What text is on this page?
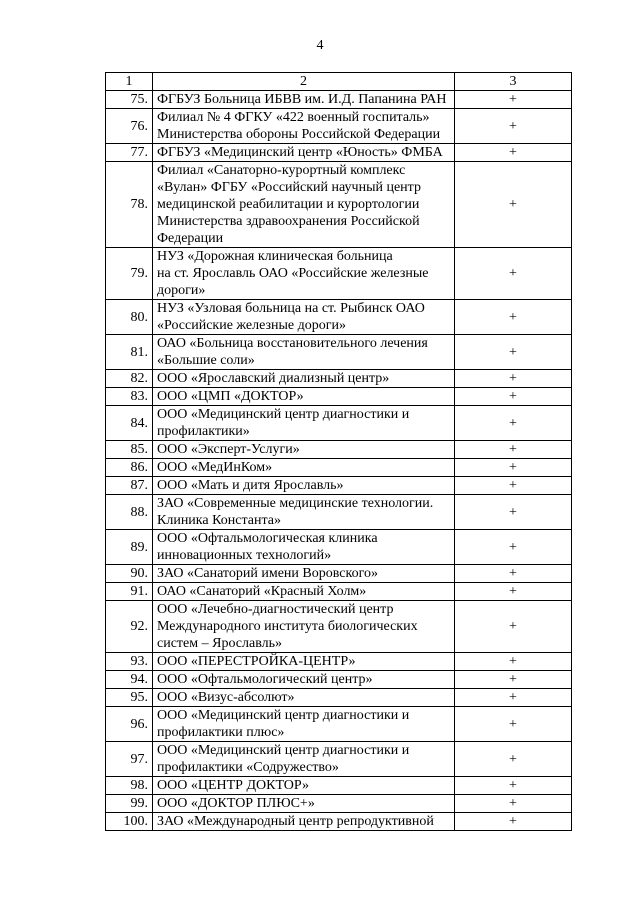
4
1	2	3
75.	ФГБУЗ Больница ИБВВ им. И.Д. Папанина РАН	+
76.	Филиал № 4 ФГКУ «422 военный госпиталь»
Министерства обороны Российской Федерации	+
77.	ФГБУЗ «Медицинский центр «Юность» ФМБА	+
78.	Филиал «Санаторно-курортный комплекс
«Вулан» ФГБУ «Российский научный центр
медицинской реабилитации и курортологии
Министерства здравоохранения Российской
Федерации	+
79.	НУЗ «Дорожная клиническая больница
на ст. Ярославль ОАО «Российские железные
дороги»	+
80.	НУЗ «Узловая больница на ст. Рыбинск ОАО
«Российские железные дороги»	+
81.	ОАО «Больница восстановительного лечения
«Большие соли»	+
82.	ООО «Ярославский диализный центр»	+
83.	ООО «ЦМП «ДОКТОР»	+
84.	ООО «Медицинский центр диагностики и
профилактики»	+
85.	ООО «Эксперт-Услуги»	+
86.	ООО «МедИнКом»	+
87.	ООО «Мать и дитя Ярославль»	+
88.	ЗАО «Современные медицинские технологии.
Клиника Константа»	+
89.	ООО «Офтальмологическая клиника
инновационных технологий»	+
90.	ЗАО «Санаторий имени Воровского»	+
91.	ОАО «Санаторий «Красный Холм»	+
92.	ООО «Лечебно-диагностический центр
Международного института биологических
систем – Ярославль»	+
93.	ООО «ПЕРЕСТРОЙКА-ЦЕНТР»	+
94.	ООО «Офтальмологический центр»	+
95.	ООО «Визус-абсолют»	+
96.	ООО «Медицинский центр диагностики и
профилактики плюс»	+
97.	ООО «Медицинский центр диагностики и
профилактики «Содружество»	+
98.	ООО «ЦЕНТР ДОКТОР»	+
99.	ООО «ДОКТОР ПЛЮС+»	+
100.	ЗАО «Международный центр репродуктивной	+
